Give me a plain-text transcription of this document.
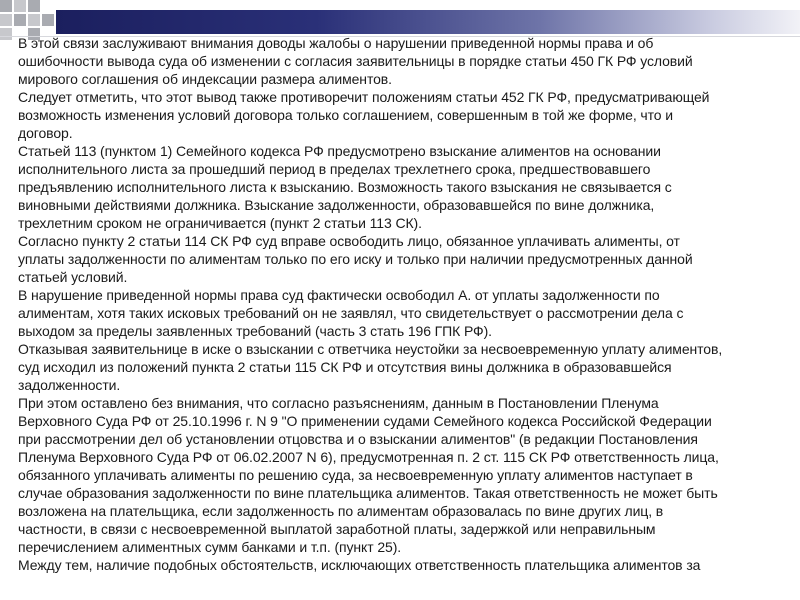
В этой связи заслуживают внимания доводы жалобы о нарушении приведенной нормы права и об
ошибочности вывода суда об изменении с согласия заявительницы в порядке статьи 450 ГК РФ условий
мирового соглашения об индексации размера алиментов.
Следует отметить, что этот вывод также противоречит положениям статьи 452 ГК РФ, предусматривающей
возможность изменения условий договора только соглашением, совершенным в той же форме, что и
договор.
Статьей 113 (пунктом 1) Семейного кодекса РФ предусмотрено взыскание алиментов на основании
исполнительного листа за прошедший период в пределах трехлетнего срока, предшествовавшего
предъявлению исполнительного листа к взысканию. Возможность такого взыскания не связывается с
виновными действиями должника. Взыскание задолженности, образовавшейся по вине должника,
трехлетним сроком не ограничивается (пункт 2 статьи 113 СК).
Согласно пункту 2 статьи 114 СК РФ суд вправе освободить лицо, обязанное уплачивать алименты, от
уплаты задолженности по алиментам только по его иску и только при наличии предусмотренных данной
статьей условий.
В нарушение приведенной нормы права суд фактически освободил А. от уплаты задолженности по
алиментам, хотя таких исковых требований он не заявлял, что свидетельствует о рассмотрении дела с
выходом за пределы заявленных требований (часть 3 стать 196 ГПК РФ).
Отказывая заявительнице в иске о взыскании с ответчика неустойки за несвоевременную уплату алиментов,
суд исходил из положений пункта 2 статьи 115 СК РФ и отсутствия вины должника в образовавшейся
задолженности.
При этом оставлено без внимания, что согласно разъяснениям, данным в Постановлении Пленума
Верховного Суда РФ от 25.10.1996 г. N 9 "О применении судами Семейного кодекса Российской Федерации
при рассмотрении дел об установлении отцовства и о взыскании алиментов" (в редакции Постановления
Пленума Верховного Суда РФ от 06.02.2007 N 6), предусмотренная п. 2 ст. 115 СК РФ ответственность лица,
обязанного уплачивать алименты по решению суда, за несвоевременную уплату алиментов наступает в
случае образования задолженности по вине плательщика алиментов. Такая ответственность не может быть
возложена на плательщика, если задолженность по алиментам образовалась по вине других лиц, в
частности, в связи с несвоевременной выплатой заработной платы, задержкой или неправильным
перечислением алиментных сумм банками и т.п. (пункт 25).
Между тем, наличие подобных обстоятельств, исключающих ответственность плательщика алиментов за
